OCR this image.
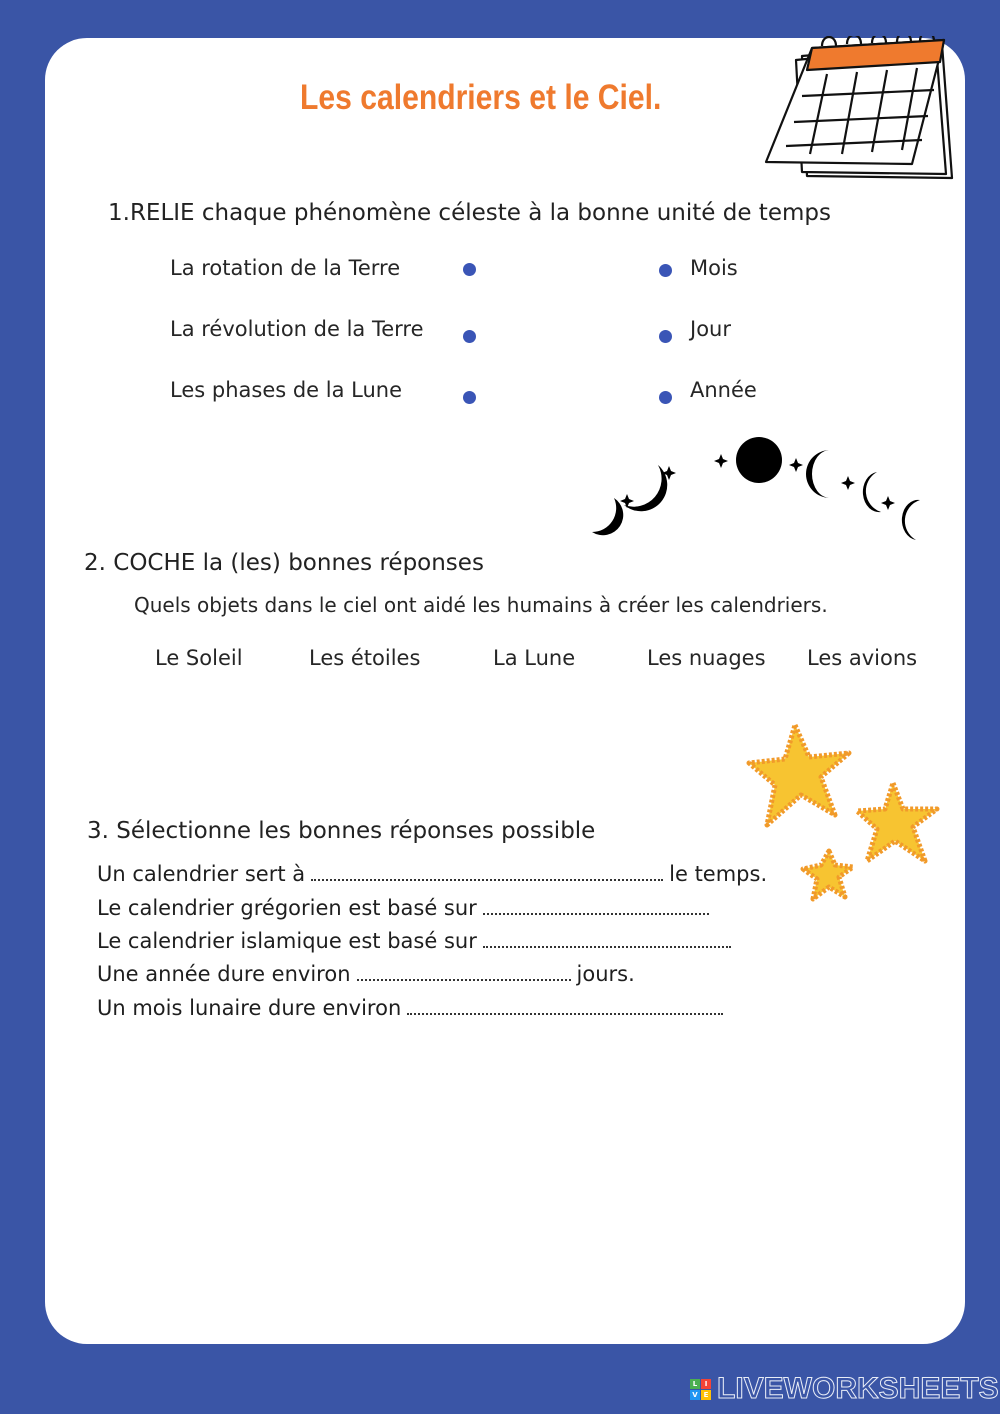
Les calendriers et le Ciel.
1.RELIE chaque phénomène céleste à la bonne unité de temps
La rotation de la Terre
La révolution de la Terre
Les phases de la Lune
Mois
Jour
Année
2. COCHE la (les) bonnes réponses
Quels objets dans le ciel ont aidé les humains à créer les calendriers.
Le Soleil	Les étoiles	La Lune	Les nuages Les avions
3. Sélectionne les bonnes réponses possible
Un calendrier sert à	le temps.
Le calendrier grégorien est basé sur
Le calendrier islamique est basé sur
Une année dure environ	jours.
Un mois lunaire dure environ
L	I
V E LIVEWORKSHEETS
